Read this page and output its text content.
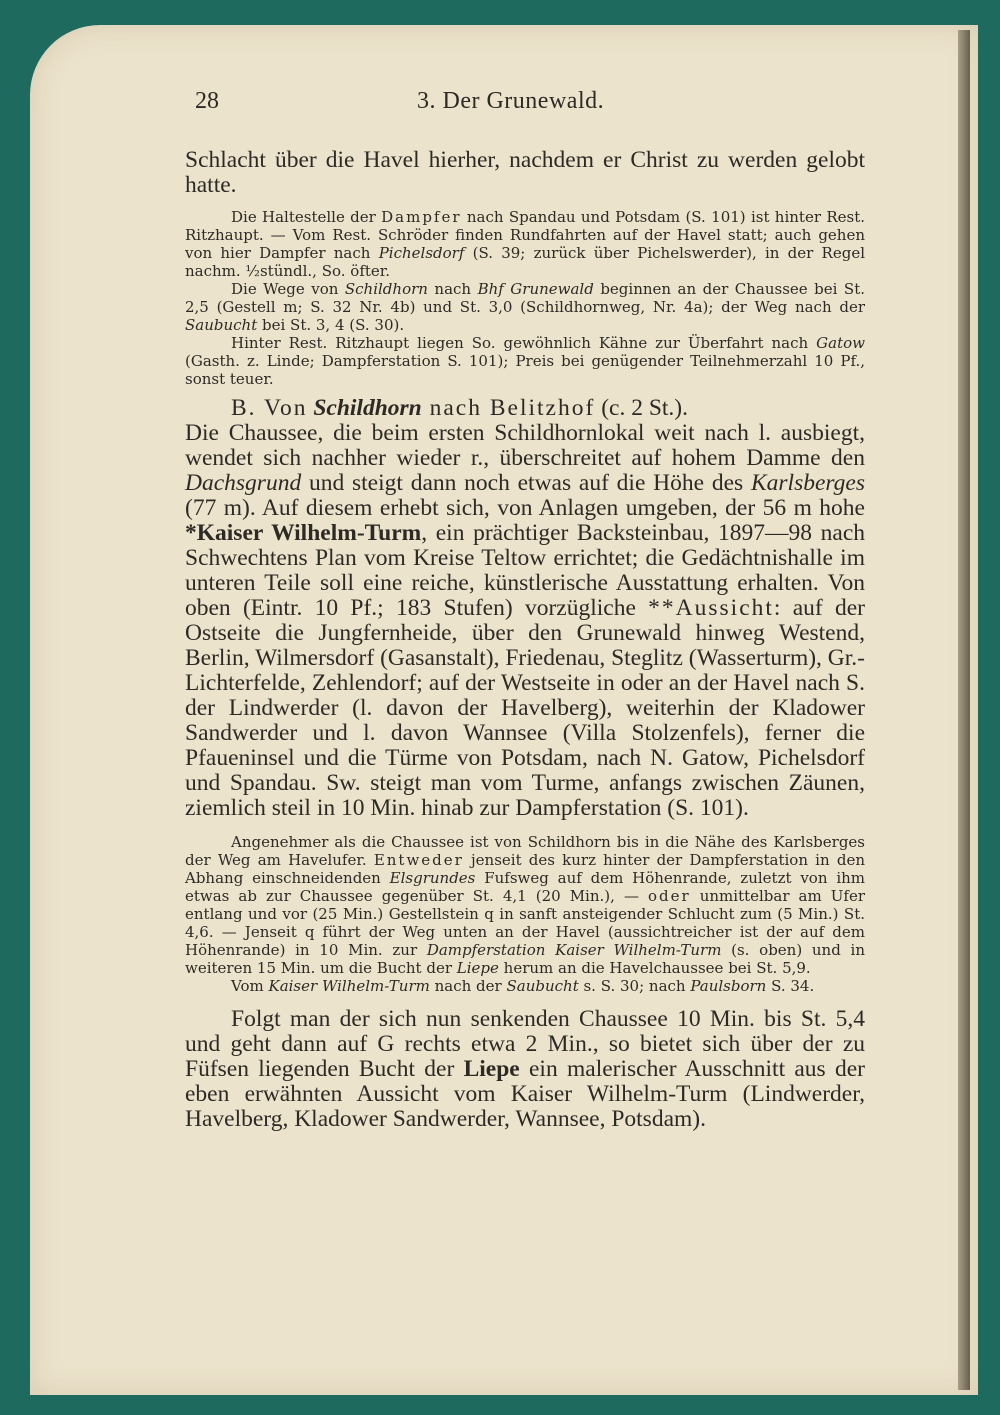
28	3. Der Grunewald.

Schlacht über die Havel hierher, nachdem er Christ zu werden gelobt hatte.

Die Haltestelle der Dampfer nach Spandau und Potsdam (S. 101) ist hinter Rest. Ritzhaupt. — Vom Rest. Schröder finden Rundfahrten auf der Havel statt; auch gehen von hier Dampfer nach Pichelsdorf (S. 39; zurück über Pichelswerder), in der Regel nachm. ½stündl., So. öfter.

Die Wege von Schildhorn nach Bhf Grunewald beginnen an der Chaussee bei St. 2,5 (Gestell m; S. 32 Nr. 4b) und St. 3,0 (Schildhornweg, Nr. 4a); der Weg nach der Saubucht bei St. 3, 4 (S. 30).

Hinter Rest. Ritzhaupt liegen So. gewöhnlich Kähne zur Überfahrt nach Gatow (Gasth. z. Linde; Dampferstation S. 101); Preis bei genügender Teilnehmerzahl 10 Pf., sonst teuer.

B. Von Schildhorn nach Belitzhof (c. 2 St.).

Die Chaussee, die beim ersten Schildhornlokal weit nach l. ausbiegt, wendet sich nachher wieder r., überschreitet auf hohem Damme den Dachsgrund und steigt dann noch etwas auf die Höhe des Karlsberges (77 m). Auf diesem erhebt sich, von Anlagen umgeben, der 56 m hohe *Kaiser Wilhelm-Turm, ein prächtiger Backsteinbau, 1897—98 nach Schwechtens Plan vom Kreise Teltow errichtet; die Gedächtnishalle im unteren Teile soll eine reiche, künstlerische Ausstattung erhalten. Von oben (Eintr. 10 Pf.; 183 Stufen) vorzügliche **Aussicht: auf der Ostseite die Jungfernheide, über den Grunewald hinweg Westend, Berlin, Wilmersdorf (Gasanstalt), Friedenau, Steglitz (Wasserturm), Gr.-Lichterfelde, Zehlendorf; auf der Westseite in oder an der Havel nach S. der Lindwerder (l. davon der Havelberg), weiterhin der Kladower Sandwerder und l. davon Wannsee (Villa Stolzenfels), ferner die Pfaueninsel und die Türme von Potsdam, nach N. Gatow, Pichelsdorf und Spandau. Sw. steigt man vom Turme, anfangs zwischen Zäunen, ziemlich steil in 10 Min. hinab zur Dampferstation (S. 101).

Angenehmer als die Chaussee ist von Schildhorn bis in die Nähe des Karlsberges der Weg am Havelufer. Entweder jenseit des kurz hinter der Dampferstation in den Abhang einschneidenden Elsgrundes Fufsweg auf dem Höhenrande, zuletzt von ihm etwas ab zur Chaussee gegenüber St. 4,1 (20 Min.), — oder unmittelbar am Ufer entlang und vor (25 Min.) Gestellstein q in sanft ansteigender Schlucht zum (5 Min.) St. 4,6. — Jenseit q führt der Weg unten an der Havel (aussichtreicher ist der auf dem Höhenrande) in 10 Min. zur Dampferstation Kaiser Wilhelm-Turm (s. oben) und in weiteren 15 Min. um die Bucht der Liepe herum an die Havelchaussee bei St. 5,9.

Vom Kaiser Wilhelm-Turm nach der Saubucht s. S. 30; nach Paulsborn S. 34.

Folgt man der sich nun senkenden Chaussee 10 Min. bis St. 5,4 und geht dann auf G rechts etwa 2 Min., so bietet sich über der zu Füfsen liegenden Bucht der Liepe ein malerischer Ausschnitt aus der eben erwähnten Aussicht vom Kaiser Wilhelm-Turm (Lindwerder, Havelberg, Kladower Sandwerder, Wannsee, Potsdam).
